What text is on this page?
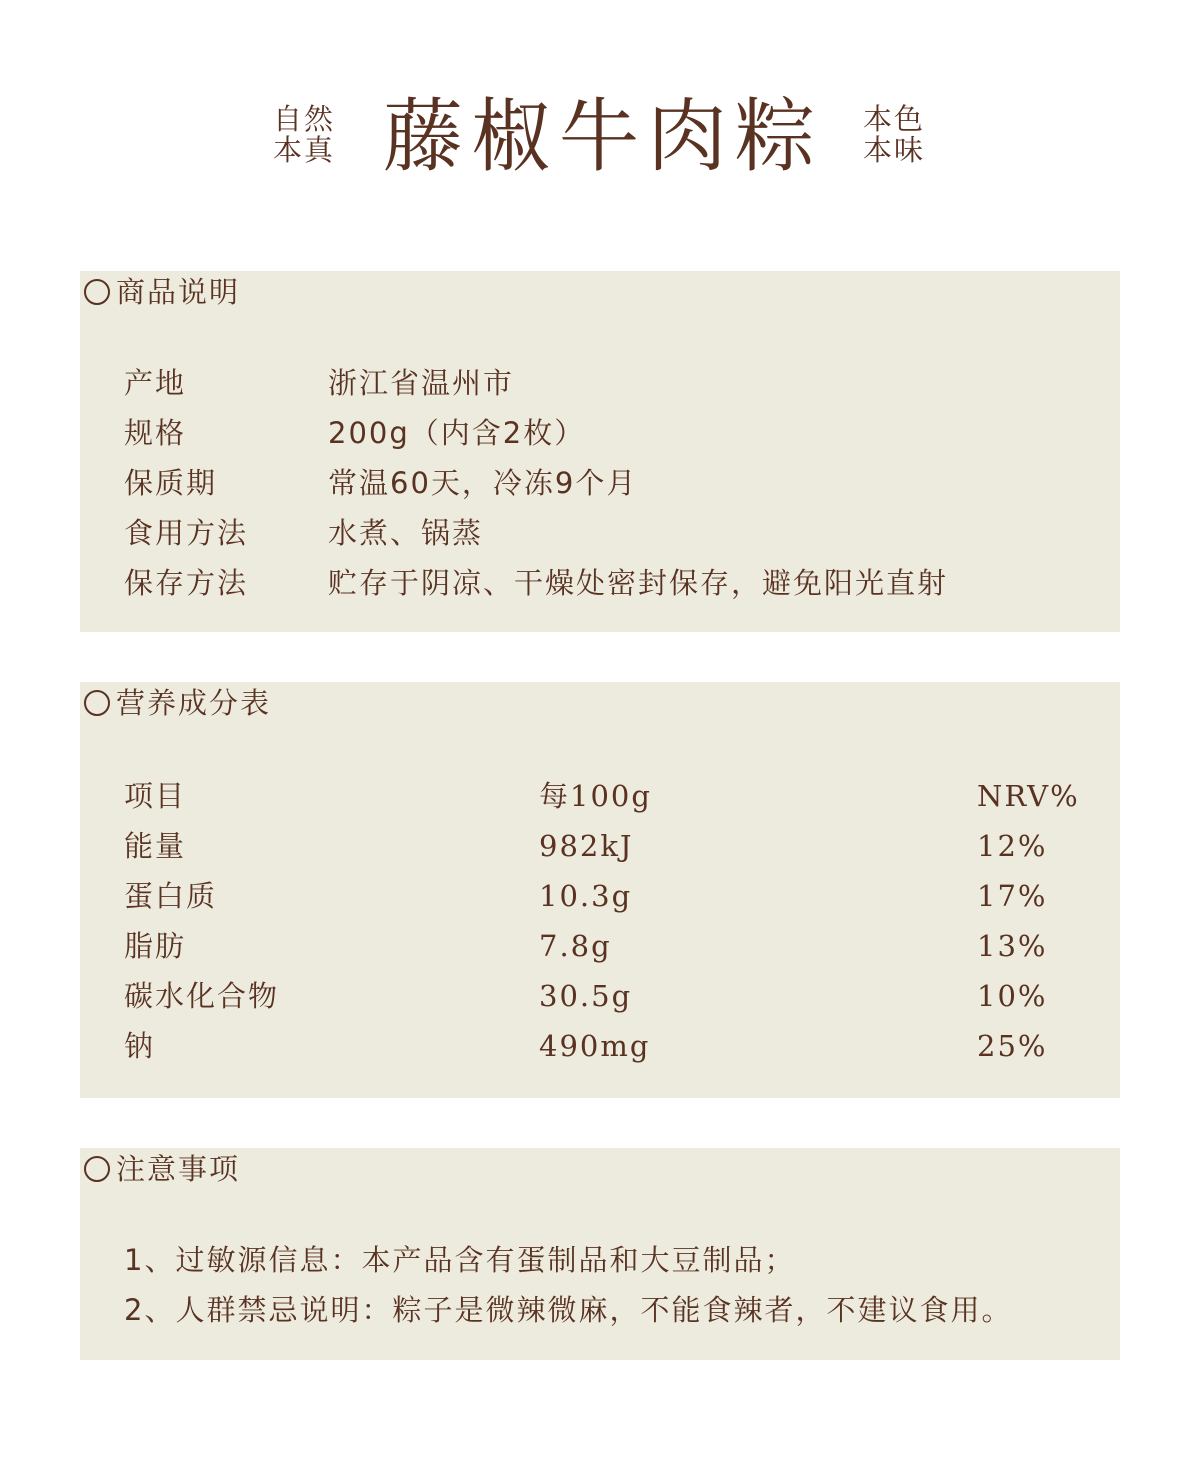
自然
本真 藤椒牛肉粽 本色
本味
商品说明
产地	浙江省温州市
规格	200g（内含2枚）
保质期	常温60天，冷冻9个月
食用方法	水煮、锅蒸
保存方法	贮存于阴凉、干燥处密封保存，避免阳光直射
营养成分表
项目	每100g	NRV%
能量	982kJ	12%
蛋白质	10.3g	17%
脂肪	7.8g	13%
碳水化合物	30.5g	10%
钠	490mg	25%
注意事项
1、过敏源信息：本产品含有蛋制品和大豆制品；
2、人群禁忌说明：粽子是微辣微麻，不能食辣者，不建议食用。
